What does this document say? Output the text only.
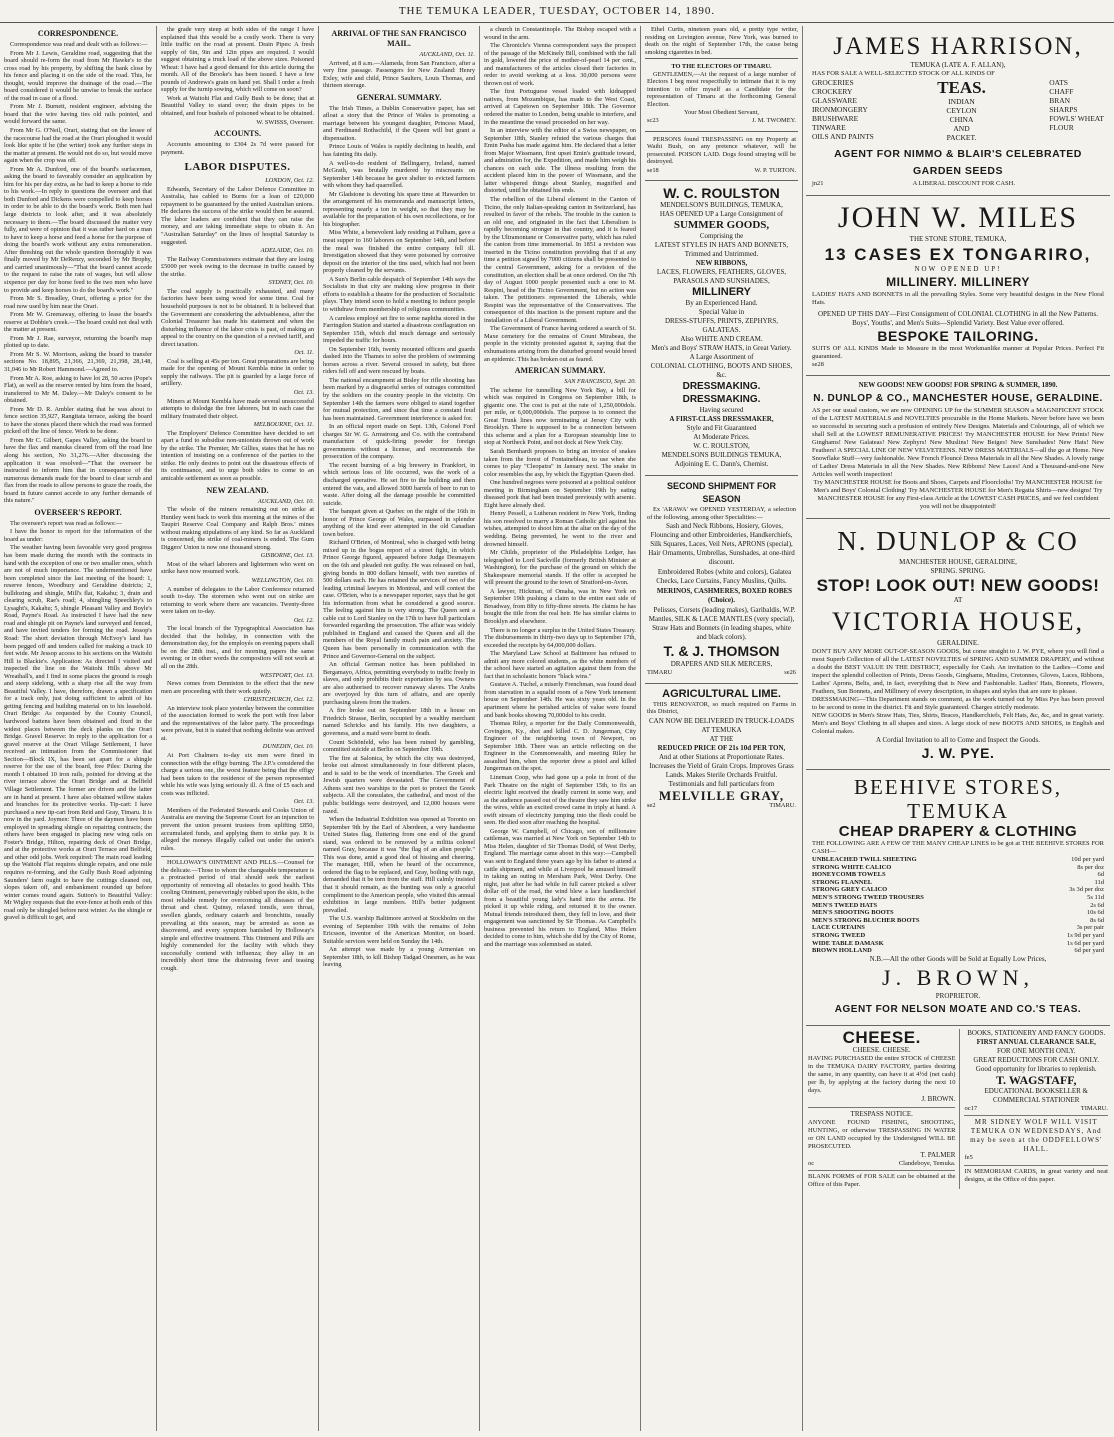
THE TEMUKA LEADER, TUESDAY, OCTOBER 14, 1890.
CORRESPONDENCE.

Correspondence was read and dealt with as follows:—

From Mr J. Lewis, Geraldine road, suggesting that the board should re-form the road from Mr Hawke's to the cross road by his property, by shifting the bank close by his fence and placing it on the side of the road. This, he thought, would improve the drainage of the road.—The board considered it would be unwise to break the surface of the road in case of a flood.

From Mr J. Burnett, resident engineer, advising the board that the wire having ties old rails pointed, and would forward the same.

From Mr G. O'Neil, Orari, stating that on the lessee of the racecourse had the road at the Orari ploughed it would look like spite if he (the writer) took any further steps in the matter at present. He would not do so, but would move again when the crop was off.

From Mr A. Dunford, one of the board's surfacemen, asking the board to favorably consider an application by him for his per day extra, as he had to keep a horse to ride to his work.—In reply to questions the overseer and that both Dunford and Dickens were compelled to keep horses in order to be able to do the board's work. Both men had large districts to look after, and it was absolutely necessary to them.—The board discussed the matter very fully, and were of opinion that it was rather hard on a man to have to keep a horse and feed a horse for the purpose of doing the board's work without any extra remuneration. After threshing out the whole question thoroughly it was finally moved by Mr DeRenzy, seconded by Mr Brophy, and carried unanimously—"That the board cannot accede to the request to raise the rate of wages, but will allow sixpence per day for horse feed to the two men who have to provide and keep horses to do the board's work."

From Mr S. Breadley, Orari, offering a price for the road now used by him near the Orari.

From Mr W. Greenaway, offering to lease the board's reserve at Dobbie's creek.—The board could not deal with the matter at present.

From Mr J. Rae, surveyor, returning the board's map plotted up to date.

From Mr S. W. Morrison, asking the board to transfer sections No. 18,895, 21,366, 21,369, 21,398, 28,148, 31,046 to Mr Robert Hammond.—Agreed to.

From Mr A. Roe, asking to have lot 28, 50 acres (Pope's Flat), as well as the reserve rented by him from the board, transferred to Mr M. Daley.—Mr Daley's consent to be obtained.

From Mr D. R. Ambler stating that he was about to fence section 35,927, Rangitata terrace, asking the board to have the stones placed there which the road was formed picked off the line of fence. Work to be done.

From Mr C. Gilbert, Gapes Valley, asking the board to have the flax and manuka cleared from off the road line along his section, No 31,276.—After discussing the application it was resolved—"That the overseer be instructed to inform him that in consequence of the numerous demands made for the board to clear scrub and flax from the roads to allow persons to graze the roads, the board in future cannot accede to any further demands of this nature."

OVERSEER'S REPORT.

The overseer's report was read as follows:—

I have the honor to report for the information of the board as under:

The weather having been favorable very good progress has been made during the month with the contracts in hand with the exception of one or two smaller ones, which are not of much importance. The undermentioned have been completed since the last meeting of the board: 1, reserve fences, Woodbury and Geraldine districts; 2, bulldozing and shingle, Mill's flat, Kakahu; 3, drain and clearing scrub, Rae's road; 4, shingling Speechley's to Lysaght's, Kakahu; 5, shingle Pleasant Valley and Boyle's Road, Payne's Road. As instructed I have had the new road and shingle pit on Payne's land surveyed and fenced, and have invited tenders for forming the road. Jessop's Road: The short deviation through McEvoy's land has been pegged off and tenders called for making a track 10 feet wide. Mr Jessop access to his sections on the Waitohi Hill is Blackie's. Application: As directed I visited and inspected the line on the Waitohi Hills above Mr Wreathall's, and I find in some places the ground is rough and steep sidelong, with a sharp rise all the way from Beautiful Valley. I have, therefore, drawn a specification for a track only, just doing sufficient to admit of his getting fencing and building material on to his leasehold. Orari Bridge: As requested by the County Council, hardwood battens have been obtained and fixed in the widest places between the deck planks on the Orari Bridge. Gravel Reserve: In reply to the application for a gravel reserve at the Orari Village Settlement, I have received an intimation from the Commissioner that Section—Block IX, has been set apart for a shingle reserve for the use of the board, free Piles: During the month I obtained 10 iron rails, pointed for driving at the river terrace above the Orari Bridge and at Belfield Village Settlement. The former are driven and the latter are in hand at present. I have also obtained willow stakes and branches for its protective works. Tip-cart: I have purchased a new tip-cart from Reid and Gray, Timaru. It is now in the yard. Joymen: Three of the daymen have been employed in spreading shingle on repairing contracts; the others have been engaged in placing new wing rails on Foster's Bridge, Hilton, repairing deck of Orari Bridge, and at the protective works at Orari Terrace and Belfield, and other odd jobs. Work required: The main road leading up the Waitohi Flat requires shingle repairs, and one mile requires re-forming, and the Gully Bush Road adjoining Saunders' farm ought to have the cuttings cleaned out, slopes taken off, and embankment rounded up before winter comes round again. Sutton's to Beautiful Valley: Mr Wigley requests that the ever-fence at both ends of this road only be shingled before next winter. As the shingle or gravel is difficult to get, and

the grade very steep at both sides of the range I have explained that this would be a costly work. There is very little traffic on the road at present. Drain Pipes: A fresh supply of 6in, 9in and 12in pipes are required. I would suggest obtaining a truck load of the above sizes. Poisoned Wheat: I have had a good demand for this article during the month. All of the Brooke's has been issued. I have a few pounds of Andrews's grain on hand yet. Shall I order a fresh supply for the turnip sowing, which will come on soon?

Work at Waitohi Flat and Gully Bush to be done; that at Beautiful Valley to stand over; the drain pipes to be obtained, and four bushels of poisoned wheat to be obtained.

W. SWISSS, Overseer.
ACCOUNTS.

Accounts amounting to £304 2s 7d were passed for payment.

LABOR DISPUTES.

LONDON, Oct. 12.

Edwards, Secretary of the Labor Defence Committee in Australia, has cabled to Burns for a loan of £20,000 repayment to be guaranteed by the united Australian unions. He declares the success of the strike would then be assured. The labor leaders are confident that they can raise the money, and are taking immediate steps to obtain it. An "Australian Saturday" on the lines of hospital Saturday is suggested.

ADELAIDE, Oct. 10.

The Railway Commissioners estimate that they are losing £5000 per week owing to the decrease in traffic caused by the strike.

SYDNEY, Oct. 10.

The coal supply is practically exhausted, and many factories have been using wood for some time. Coal for household purposes is not to be obtained. It is believed that the Government are considering the advisableness, after the Colonial Treasurer has made his statement and when the disturbing influence of the labor crisis is past, of making an appeal to the country on the question of a revised tariff, and direct taxation.

Oct. 11.

Coal is selling at 45s per ton. Great preparations are being made for the opening of Mount Kembla mine in order to supply the railways. The pit is guarded by a large force of artillery.

Oct. 13.

Miners at Mount Kembla have made several unsuccessful attempts to dislodge the free laborers, but in each case the military frustrated their object.

MELBOURNE, Oct. 11.

The Employers' Defence Committee have decided to set apart a fund to subsidise non-unionists thrown out of work by the strike. The Premier, Mr Gillies, states that he has no intention of insisting on a conference of the parties to the strike. He only desires to point out the disastrous effects of its continuance, and to urge both sides to come to an amicable settlement as soon as possible.

NEW ZEALAND.

AUCKLAND, Oct. 10.

The whole of the miners remaining out on strike at Huntley went back to work this morning at the mines of the Taupiri Reserve Coal Company and Ralph Bros.' mines without making stipulations of any kind. So far as Auckland is concerned, the strike of coal-miners is ended. The Gum Diggers' Union is now one thousand strong.

GISBORNE, Oct. 13.

Most of the wharf laborers and lightermen who went on strike have now resumed work.

WELLINGTON, Oct. 10.

A number of delegates to the Labor Conference returned south to-day. The storemen who went out on strike are returning to work where there are vacancies. Twenty-three were taken on to-day.

Oct. 12.

The local branch of the Typographical Association has decided that the holiday, in connection with the demonstration day, for the employés on evening papers shall be on the 28th inst., and for morning papers the same evening; or in other words the compositors will not work at all on the 28th.

WESTPORT, Oct. 13.

News comes from Denniston to the effect that the new men are proceeding with their work quietly.

CHRISTCHURCH, Oct. 12.

An interview took place yesterday between the committee of the association formed to work the port with free labor and the representatives of the labor party. The proceedings were private, but it is stated that nothing definite was arrived at.

DUNEDIN, Oct. 10.

At Port Chalmers to-day six men were fined in connection with the effigy burning. The J.P.'s considered the charge a serious one, the worst feature being that the effigy had been taken to the residence of the person represented while his wife was lying seriously ill. A fine of £5 each and costs was inflicted.

Oct. 13.

Members of the Federated Stewards and Cooks Union of Australia are moving the Supreme Court for an injunction to prevent the union present trustees from uplifting £850, accumulated funds, and applying them to strike pay. It is alleged the moneys illegally called out under the union's rules.

HOLLOWAY'S OINTMENT AND PILLS.—Counsel for the delicate.—Those to whom the changeable temperature is a protracted period of trial should seek the earliest opportunity of removing all obstacles to good health. This cooling Ointment, perseveringly rubbed upon the skin, is the most reliable remedy for overcoming all diseases of the throat and chest. Quinsy, relaxed tonsils, sore throat, swollen glands, ordinary catarrh and bronchitis, usually prevailing at this season, may be arrested as soon as discovered, and every symptom banished by Holloway's simple and effective treatment. This Ointment and Pills are highly commended for the facility with which they successfully contend with influenza; they allay in an incredibly short time the distressing fever and teasing cough.

ARRIVAL OF THE SAN FRANCISCO MAIL.

AUCKLAND, Oct. 11.

Arrived, at 8 a.m.—Alameda, from San Francisco, after a very fine passage. Passengers for New Zealand: Henry Exley, wife and child, Prince Saulters, Louis Thomas, and thirteen steerage.

GENERAL SUMMARY.

The Irish Times, a Dublin Conservative paper, has set afloat a story that the Prince of Wales is promoting a marriage between his youngest daughter, Princess Maud, and Ferdinand Rothschild, if the Queen will but grant a dispensation.

Prince Louis of Wales is rapidly declining in health, and has fainting fits daily.

A well-to-do resident of Bellingarry, Ireland, named McGrath, was brutally murdered by miscreants on September 14th because he gave shelter to evicted farmers with whom they had quarrelled.

Mr Gladstone is devoting his spare time at Hawarden to the arrangement of his memoranda and manuscript letters, representing nearly a ton in weight, so that they may be available for the preparation of his own recollections, or for his biographer.

Miss White, a benevolent lady residing at Fulham, gave a meat supper to 160 laborers on September 14th, and before the meal was finished the entire company fell ill. Investigation showed that they were poisoned by corrosive deposit on the interior of the tins used, which had not been properly cleaned by the servants.

A Sun's Berlin cable despatch of September 14th says the Socialists in that city are making slow progress in their efforts to establish a theatre for the production of Socialistic plays. They intend soon to hold a meeting to induce people to withdraw from membership of religious communities.

A careless employé set fire to some naphtha stored in the Farringdon Station and started a disastrous conflagration on September 15th, which did much damage and seriously impeded the traffic for hours.

On September 16th, twenty mounted officers and guards dashed into the Thames to solve the problem of swimming horses across a river. Several crossed in safety, but three riders fell off and were rescued by boats.

The national encampment at Bisley for rifle shooting has been marked by a disgraceful series of outrages committed by the soldiers on the country people in the vicinity. On September 14th the farmers were obliged to stand together for mutual protection, and since that time a constant feud has been maintained. Government interference is asked for.

In an official report made on Sept. 13th, Colonel Ford charges Sir W. G. Armstrong and Co. with the contraband manufacture of quick-firing powder for foreign governments without a license, and recommends the prosecution of the company.

The recent burning of a big brewery in Frankfort, in which serious loss of life occurred, was the work of a discharged operative. He set fire to the building and then entered the vats, and allowed 3000 barrels of beer to run to waste. After doing all the damage possible he committed suicide.

The banquet given at Quebec on the night of the 16th in honor of Prince George of Wales, surpassed in splendor anything of the kind ever attempted in the old Canadian town before.

Richard O'Brien, of Montreal, who is charged with being mixed up in the bogus report of a street fight, in which Prince George figured, appeared before Judge Desmayers on the 6th and pleaded not guilty. He was released on bail, giving bonds in 800 dollars himself, with two sureties of 500 dollars each. He has retained the services of two of the leading criminal lawyers in Montreal, and will contest the case. O'Brien, who is a newspaper reporter, says that he got his information from what he considered a good source. The feeling against him is very strong. The Queen sent a cable cut to Lord Stanley on the 17th to have full particulars forwarded regarding the prosecution. The affair was widely published in England and caused the Queen and all the members of the Royal family much pain and anxiety. The Queen has been personally in communication with the Prince and Governor-General on the subject.

An official German notice has been published in Bergamayo, Africa, permitting everybody to traffic freely in slaves, and only prohibits their exportation by sea. Owners are also authorised to recover runaway slaves. The Arabs are overjoyed by this turn of affairs, and are openly purchasing slaves from the traders.

A fire broke out on September 18th in a house on Friedrich Strasse, Berlin, occupied by a wealthy merchant named Schricks and his family. His two daughters, a governess, and a maid were burnt to death.

Count Schönfeld, who has been ruined by gambling, committed suicide at Berlin on September 19th.

The fire at Salonica, by which the city was destroyed, broke out almost simultaneously in four different places, and is said to be the work of incendiaries. The Greek and Jewish quarters were devastated. The Government of Athens sent two warships to the port to protect the Greek subjects. All the consulates, the cathedral, and most of the public buildings were destroyed, and 12,000 houses were razed.

When the Industrial Exhibition was opened at Toronto on September 9th by the Earl of Aberdeen, a very handsome United States flag, fluttering from one end of the grand stand, was ordered to be removed by a militia colonel named Gray, because it was "the flag of an alien people." This was done, amid a good deal of hissing and cheering. The manager, Hill, when he heard of the occurrence, ordered the flag to be replaced, and Gray, boiling with rage, demanded that it be torn from the staff. Hill calmly insisted that it should remain, as the bunting was only a graceful compliment to the American people, who visited this annual exhibition in large numbers. Hill's better judgment prevailed.

The U.S. warship Baltimore arrived at Stockholm on the evening of September 19th with the remains of John Ericsson, inventor of the American Monitor, on board. Suitable services were held on Sunday the 14th.

An attempt was made by a young Armenian on September 18th, to kill Bishop Tadgad Onesmen, as he was leaving

a church in Constantinople. The Bishop escaped with a wound in the arm.

The Chronicle's Vienna correspondent says the prospect of the passage of the McKinely Bill, combined with the fall in gold, lowered the price of mother-of-pearl 14 per cent., and manufacturers of the articles closed their factories in order to avoid working at a loss. 30,000 persons were thrown out of work.

The first Portuguese vessel loaded with kidnapped natives, from Mozambique, has made to the West Coast, arrived at Capetown on September 18th. The Governor ordered the matter to London, being unable to interfere, and in the meantime the vessel proceeded on her way.

In an interview with the editor of a Swiss newspaper, on September 18th, Stanley refuted the various charges that Emin Pasha has made against him. He declared that a letter from Major Wissmann, first upset Emin's gratitude toward, and admiration for, the Expedition, and made him weigh his chances on each side. The illness resulting from the accident placed him in the power of Wissmann, and the latter whispered things about Stanley, magnified and distorted, until he obtained his ends.

The rebellion of the Liberal element in the Canton of Ticino, the only Italian-speaking canton in Switzerland, has resulted in favor of the rebels. The trouble in the canton is an old one, and originated in the fact that Liberalism is rapidly becoming stronger in that country, and it is feared by the Ultramontane or Conservative party, which has ruled the canton from time immemorial. In 1851 a revision was inserted in the Ticino constitution providing that if at any time a petition signed by 7000 citizens shall be presented to the central Government, asking for a revision of the constitution, an election shall be at once ordered. On the 7th day of August 1000 people presented such a one to M. Respini, head of the Ticino Government, but no action was taken. The petitioners represented the Liberals, while Respini was the representative of the Conservatives. The consequence of this inaction is the present rupture and the installation of a Liberal Government.

The Government of France having ordered a search of St. Maxe cemetery for the remains of Count Mirabeau, the people in the vicinity protested against it, saying that the exhumations arising from the disturbed ground would breed an epidemic. This has broken out as feared.

AMERICAN SUMMARY.

SAN FRANCISCO, Sept. 20.

The scheme for tunnelling New York Bay, a bill for which was required in Congress on September 18th, is gigantic one. The cost is put at the rate of 1,250,000dols. per mile, or 6,000,000dols. The purpose is to connect the Great Trunk lines now terminating at Jersey City with Brooklyn. There is supposed to be a connection between this scheme and a plan for a European steamship line to stop at Northeck Point, and not dock at New York City.

Sarah Bernhardt proposes to bring an invoice of snakes taken from the forest of Fontainebleau, to use when she comes to play "Cleopatra" in January next. The snake in color resembles the asp, by which the Egyptian Queen died.

One hundred negroes were poisoned at a political outdoor meeting in Birmingham on September 19th by eating diseased pork that had been treated previously with arsenic. Eight have already died.

Henry Pessell, a Lutheran resident in New York, finding his son resolved to marry a Roman Catholic girl against his wishes, attempted to shoot him at the altar on the day of the wedding. Being prevented, he went to the river and drowned himself.

Mr Childs, proprietor of the Philadelphia Ledger, has telegraphed to Lord Sackville (formerly British Minister at Washington), for the purchase of the ground on which the Shakespeare memorial stands. If the offer is accepted he will present the ground to the town of Stratford-on-Avon.

A lawyer, Hickman, of Omaha, was in New York on September 19th pushing a claim to the entire east side of Broadway, from 8fty to fifty-three streets. He claims he has bought the title from the real heir. He has similar claims to Brooklyn and elsewhere.

There is no longer a surplus in the United States Treasury. The disbursements in thirty-two days up to September 17th, exceeded the receipts by 64,000,000 dollars.

The Maryland Law School at Baltimore has refused to admit any more colored students, as the white members of the school have started an agitation against them from the fact that in scholastic honors "black wins."

Gustave A. Tuchel, a miserly Frenchman, was found dead from starvation in a squalid room of a New York tenement house on September 14th. He was sixty years old. In the apartment where he perished articles of value were found and bank books showing 70,000dol to his credit.

Thomas Riley, a reporter for the Daily Commonwealth, Covington, Ky., shot and killed C. D. Jungerman, City Engineer of the neighboring town of Newport, on September 18th. There was an article reflecting on the Engineer in the Commonwealth, and meeting Riley he assaulted him, when the reporter drew a pistol and killed Jungerman on the spot.

Lineman Coop, who had gone up a pole in front of the Park Theatre on the night of September 15th, to fix an electric light received the deadly current in some way, and as the audience passed out of the theatre they saw him strike the wires, while an excited crowd came in triply at hand. A swift stream of electricity jumping into the flesh could be seen. He died soon after reaching the hospital.

George W. Campbell, of Chicago, son of millionaire cattleman, was married at New York on September 14th to Miss Helen, daughter of Sir Thomas Dodd, of West Derby, England. The marriage came about in this way:—Campbell was sent to England three years ago by his father to attend a cattle shipment, and while at Liverpool he amused himself in taking an outing in Mersham Park, West Derby. One night, just after he had while in full career picked a silver dollar off of the road, the wind blew a lace handkerchief from a beautiful young lady's hand into the arena. He picked it up while riding, and returned it to the owner. Mutual friends introduced them, they fell in love, and their engagement was sanctioned by Sir Thomas. As Campbell's business prevented his return to England, Miss Helen decided to come to him, which she did by the City of Rome, and the marriage was solemnised as stated.

Ethel Curtis, nineteen years old, a pretty type writer, residing on Lovington avenue, New York, was burned to death on the night of September 17th, the cause being smoking cigarettes in bed.

TO THE ELECTORS OF TIMARU.

GENTLEMEN,—At the request of a large number of Electors I beg most respectfully to intimate that it is my intention to offer myself as a Candidate for the representation of Timaru at the forthcoming General Election.

Your Most Obedient Servant,
sc23	J. M. TWOMEY.

PERSONS found TRESPASSING on my Property at Waihi Bush, on any pretence whatever, will be prosecuted. POISON LAID. Dogs found straying will be destroyed.

se18	W. P. TURTON.
W. C. ROULSTON
MENDELSON'S BUILDINGS, TEMUKA,
HAS OPENED UP a Large Consignment of
SUMMER GOODS,
Comprising the
LATEST STYLES IN HATS AND BONNETS,
Trimmed and Untrimmed.
NEW RIBBONS,
LACES, FLOWERS, FEATHERS, GLOVES, PARASOLS AND SUNSHADES,
MILLINERY
By an Experienced Hand.
Special Value in
DRESS-STUFFS, PRINTS, ZEPHYRS, GALATEAS.
Also WHITE AND CREAM.
Men's and Boys' STRAW HATS, in Great Variety.
A Large Assortment of
COLONIAL CLOTHING, BOOTS AND SHOES, &c.
DRESSMAKING. DRESSMAKING.
Having secured
A FIRST-CLASS DRESSMAKER,
Style and Fit Guaranteed
At Moderate Prices.
W. C. ROULSTON,
MENDELSONS BUILDINGS TEMUKA,
Adjoining E. C. Dann's, Chemist.
SECOND SHIPMENT FOR SEASON

Ex 'ARAWA' we OPENED YESTERDAY, a selection of the following, among other Specialities:—

Sash and Neck Ribbons, Hosiery, Gloves, Flouncing and other Embroideries, Handkerchiefs, Silk Squares, Laces, Veil Nets, APRONS (special), Hair Ornaments, Umbrellas, Sunshades, at one-third discount.

Embroidered Robes (white and colors), Galatea Checks, Lace Curtains, Fancy Muslins, Quilts.

MERINOS, CASHMERES, BOXED ROBES (Choice).

Pelisses, Corsets (leading makes), Garibaldis, W.P. Mantles, SILK & LACE MANTLES (very special), Straw Hats and Bonnets (in leading shapes, white and black colors).

T. & J. THOMSON
DRAPERS AND SILK MERCERS,
TIMARU	se26
AGRICULTURAL LIME.

THIS RENOVATOR, so much required on Farms in this District,

CAN NOW BE DELIVERED IN TRUCK-LOADS AT TEMUKA
AT THE
REDUCED PRICE OF 21s 10d PER TON,
And at other Stations at Proportionate Rates.
Increases the Yield of Grain Crops. Improves Grass Lands. Makes Sterile Orchards Fruitful.
Testimonials and full particulars from
MELVILLE GRAY,
se2	TIMARU.
JAMES HARRISON,
TEMUKA (LATE A. F. ALLAN),
HAS FOR SALE A WELL-SELECTED STOCK OF ALL KINDS OF
GROCERIES
CROCKERY
GLASSWARE
IRONMONGERY
BRUSHWARE
TINWARE
OILS AND PAINTS
TEAS.
INDIAN
CEYLON
CHINA
AND
PACKET.
OATS
CHAFF
BRAN
SHARPS
FOWLS' WHEAT
FLOUR
AGENT FOR NIMMO & BLAIR'S CELEBRATED GARDEN SEEDS
jn21	A LIBERAL DISCOUNT FOR CASH.
JOHN W. MILES
THE STONE STORE, TEMUKA,
13 CASES EX TONGARIRO,
NOW OPENED UP!
MILLINERY. MILLINERY
LADIES' HATS AND BONNETS in all the prevailing Styles. Some very beautiful designs in the New Floral Hats.
OPENED UP THIS DAY—First Consignment of COLONIAL CLOTHING in all the New Patterns.
Boys', Youths', and Men's Suits—Splendid Variety. Best Value ever offered.
BESPOKE TAILORING.
SUITS OF ALL KINDS Made to Measure in the most Workmanlike manner at Popular Prices. Perfect Fit guaranteed.
se28
NEW GOODS! NEW GOODS! FOR SPRING & SUMMER, 1890.
N. DUNLOP & CO., MANCHESTER HOUSE, GERALDINE.
AS per our usual custom, we are now OPENING UP for the SUMMER SEASON a MAGNIFICENT STOCK of the LATEST MATERIALS and NOVELTIES procurable in the Home Markets. Never before have we been so successful in securing such a profusion of entirely New Designs. Materials and Colourings, all of which we shall Sell at the LOWEST REMUNERATIVE PRICES! Try MANCHESTER HOUSE for New Prints! New Ginghams! New Galateas! New Zephyrs! New Muslins! New Beiges! New Sunshades! New Hats! New Feathers! A SPECIAL LINE OF NEW VELVETEENS. NEW DRESS MATERIALS—all the go at Home. New Snowflake Stuff—very fashionable. New French Flouncé Dress Materials in all the New Shades. A lovely range of Ladies' Dress Materials in all the New Shades. New Ribbons! New Laces! And a Thousand-and-one New Articles well worth inspection!
Try MANCHESTER HOUSE for Boots and Shoes, Carpets and Floorcloths! Try MANCHESTER HOUSE for Men's and Boys' Colonial Clothing! Try MANCHESTER HOUSE for Men's Regatta Shirts—new designs! Try MANCHESTER HOUSE for any First-class Article at the LOWEST CASH PRICES, and we feel confident you will not be disappointed!
N. DUNLOP & CO
MANCHESTER HOUSE, GERALDINE,
SPRING. SPRING.
STOP! LOOK OUT! NEW GOODS!
AT
VICTORIA HOUSE,
GERALDINE.
DON'T BUY ANY MORE OUT-OF-SEASON GOODS, but come straight to J. W. PYE, where you will find a most Superb Collection of all the LATEST NOVELTIES of SPRING AND SUMMER DRAPERY, and without a doubt the BEST VALUE IN THE DISTRICT, especially for Cash. An invitation to the Ladies—Come and inspect the splendid collection of Prints, Dress Goods, Ginghams, Muslins, Cretonnes, Gloves, Laces, Ribbons, Ladies' Aprons, Belts, and, in fact, everything that is New and Fashionable. Ladies' Hats, Bonnets, Flowers, Feathers, Sun Bonnets, and Millinery of every description, in shapes and styles that are sure to please.
DRESSMAKING—This Department stands on comment, as the work turned out by Miss Pye has been proved to be second to none in the district. Fit and Style guaranteed. Charges strictly moderate.
NEW GOODS in Men's Straw Hats, Ties, Shirts, Braces, Handkerchiefs, Felt Hats, &c, &c, and in great variety. Men's and Boys' Clothing in all shapes and sizes. A large stock of new BOOTS AND SHOES, in English and Colonial makes.
A Cordial Invitation to all to Come and Inspect the Goods.
J. W. PYE.
BEEHIVE STORES, TEMUKA
CHEAP DRAPERY & CLOTHING
THE FOLLOWING ARE A FEW OF THE MANY CHEAP LINES to be got at THE BEEHIVE STORES FOR CASH—
UNBLEACHED TWILL SHEETING	10d per yard
STRONG WHITE CALICO	8s per doz
HONEYCOMB TOWELS	6d
STRONG FLANNEL	11d
STRONG GREY CALICO	3s 3d per doz
MEN'S STRONG TWEED TROUSERS	5s 11d
MEN'S TWEED HATS	2s 6d
MEN'S SHOOTING BOOTS	10s 6d
MEN'S STRONG BLUCHER BOOTS	8s 6d
LACE CURTAINS	3s per pair
STRONG TWEED	1s 9d per yard
WIDE TABLE DAMASK	1s 6d per yard
BROWN HOLLAND	6d per yard
N.B.—All the other Goods will be Sold at Equally Low Prices,
J. BROWN,
PROPRIETOR.
AGENT FOR NELSON MOATE AND CO.'S TEAS.
CHEESE.
CHEESE. CHEESE.
HAVING PURCHASED the entire STOCK of CHEESE in the TEMUKA DAIRY FACTORY, parties desiring the same, in any quantity, can have it at 4½d (net cash) per lb, by applying at the factory during the next 10 days.
J. BROWN.
TRESPASS NOTICE.
ANYONE FOUND FISHING, SHOOTING, HUNTING, or otherwise TRESPASSING IN WATER or ON LAND occupied by the Undersigned WILL BE PROSECUTED.
T. PALMER
oc	Clandeboye, Temuka.
BLANK FORMS of FOR SALE can be obtained at the Office of this Paper.
BOOKS, STATIONERY AND FANCY GOODS.
FIRST ANNUAL CLEARANCE SALE,
FOR ONE MONTH ONLY.
GREAT REDUCTIONS FOR CASH ONLY.
Good opportunity for libraries to replenish.
T. WAGSTAFF,
EDUCATIONAL BOOKSELLER & COMMERCIAL STATIONER
oc17	TIMARU.
MR SIDNEY WOLF WILL VISIT TEMUKA ON WEDNESDAYS, And may be seen at the ODDFELLOWS' HALL.
fe5
IN MEMORIAM CARDS, in great variety and neat designs, at the Office of this paper.
